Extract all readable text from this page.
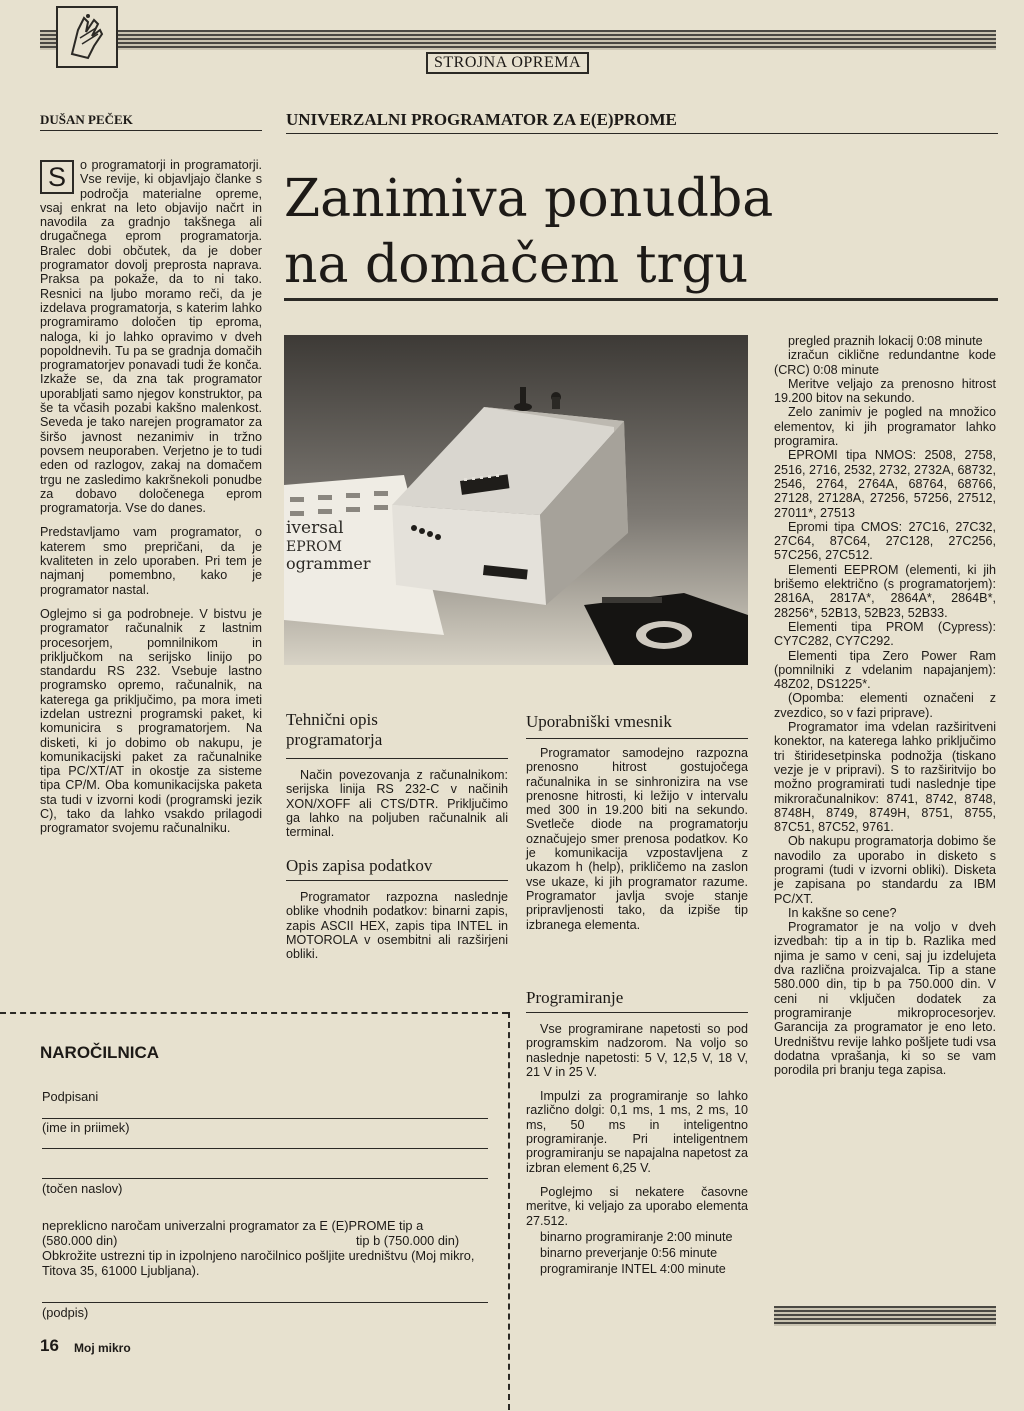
STROJNA OPREMA
DUŠAN PEČEK	UNIVERZALNI PROGRAMATOR ZA E(E)PROME
Zanimiva ponudba
na domačem trgu

S	o programatorji in programatorji. Vse revije, ki objavljajo članke s področja materialne opreme, vsaj enkrat na leto objavijo načrt in navodila za gradnjo takšnega ali drugačnega eprom programatorja. Bralec dobi občutek, da je dober programator dovolj preprosta naprava. Praksa pa pokaže, da to ni tako. Resnici na ljubo moramo reči, da je izdelava programatorja, s katerim lahko programiramo določen tip eproma, naloga, ki jo lahko opravimo v dveh popoldnevih. Tu pa se gradnja domačih programatorjev ponavadi tudi že konča. Izkaže se, da zna tak programator uporabljati samo njegov konstruktor, pa še ta včasih pozabi kakšno malenkost. Seveda je tako narejen programator za širšo javnost nezanimiv in tržno povsem neuporaben. Verjetno je to tudi eden od razlogov, zakaj na domačem trgu ne zasledimo kakršnekoli ponudbe za dobavo določenega eprom programatorja. Vse do danes.

Predstavljamo vam programator, o katerem smo prepričani, da je kvaliteten in zelo uporaben. Pri tem je najmanj pomembno, kako je programator nastal.

Oglejmo si ga podrobneje. V bistvu je programator računalnik z lastnim procesorjem, pomnilnikom in priključkom na serijsko linijo po standardu RS 232. Vsebuje lastno programsko opremo, računalnik, na katerega ga priključimo, pa mora imeti izdelan ustrezni programski paket, ki komunicira s programatorjem. Na disketi, ki jo dobimo ob nakupu, je komunikacijski paket za računalnike tipa PC/XT/AT in okostje za sisteme tipa CP/M. Oba komunikacijska paketa sta tudi v izvorni kodi (programski jezik C), tako da lahko vsakdo prilagodi programator svojemu računalniku.

iversal
EPROM
ogrammer
Tehnični opis programatorja
Način povezovanja z računalnikom: serijska linija RS 232-C v načinih XON/XOFF ali CTS/DTR. Priključimo ga lahko na poljuben računalnik ali terminal.
Opis zapisa podatkov
Programator razpozna naslednje oblike vhodnih podatkov: binarni zapis, zapis ASCII HEX, zapis tipa INTEL in MOTOROLA v osembitni ali razširjeni obliki.
Uporabniški vmesnik
Programator samodejno razpozna prenosno hitrost gostujočega računalnika in se sinhronizira na vse prenosne hitrosti, ki ležijo v intervalu med 300 in 19.200 biti na sekundo. Svetleče diode na programatorju označujejo smer prenosa podatkov. Ko je komunikacija vzpostavljena z ukazom h (help), prikličemo na zaslon vse ukaze, ki jih programator razume. Programator javlja svoje stanje pripravljenosti tako, da izpiše tip izbranega elementa.
Programiranje

Vse programirane napetosti so pod programskim nadzorom. Na voljo so naslednje napetosti: 5 V, 12,5 V, 18 V, 21 V in 25 V.

Impulzi za programiranje so lahko različno dolgi: 0,1 ms, 1 ms, 2 ms, 10 ms, 50 ms in inteligentno programiranje. Pri inteligentnem programiranju se napajalna napetost za izbran element 6,25 V.

Poglejmo si nekatere časovne meritve, ki veljajo za uporabo elementa 27.512.

binarno programiranje 2:00 minute
binarno preverjanje 0:56 minute
programiranje INTEL 4:00 minute

pregled praznih lokacij 0:08 minute

izračun ciklične redundantne kode (CRC) 0:08 minute

Meritve veljajo za prenosno hitrost 19.200 bitov na sekundo.

Zelo zanimiv je pogled na množico elementov, ki jih programator lahko programira.

EPROMI tipa NMOS: 2508, 2758, 2516, 2716, 2532, 2732, 2732A, 68732, 2546, 2764, 2764A, 68764, 68766, 27128, 27128A, 27256, 57256, 27512, 27011*, 27513

Epromi tipa CMOS: 27C16, 27C32, 27C64, 87C64, 27C128, 27C256, 57C256, 27C512.

Elementi EEPROM (elementi, ki jih brišemo električno (s programatorjem): 2816A, 2817A*, 2864A*, 2864B*, 28256*, 52B13, 52B23, 52B33.

Elementi tipa PROM (Cypress): CY7C282, CY7C292.

Elementi tipa Zero Power Ram (pomnilniki z vdelanim napajanjem): 48Z02, DS1225*.

(Opomba: elementi označeni z zvezdico, so v fazi priprave).

Programator ima vdelan razširitveni konektor, na katerega lahko priključimo tri štiridesetpinska podnožja (tiskano vezje je v pripravi). S to razširitvijo bo možno programirati tudi naslednje tipe mikroračunalnikov: 8741, 8742, 8748, 8748H, 8749, 8749H, 8751, 8755, 87C51, 87C52, 9761.

Ob nakupu programatorja dobimo še navodilo za uporabo in disketo s programi (tudi v izvorni obliki). Disketa je zapisana po standardu za IBM PC/XT.

In kakšne so cene?

Programator je na voljo v dveh izvedbah: tip a in tip b. Razlika med njima je samo v ceni, saj ju izdelujeta dva različna proizvajalca. Tip a stane 580.000 din, tip b pa 750.000 din. V ceni ni vključen dodatek za programiranje mikroprocesorjev. Garancija za programator je eno leto. Uredništvu revije lahko pošljete tudi vsa dodatna vprašanja, ki so se vam porodila pri branju tega zapisa.

NAROČILNICA
Podpisani
(ime in priimek)
(točen naslov)
nepreklicno naročam univerzalni programator za E (E)PROME tip a
(580.000 din)	tip b (750.000 din)
Obkrožite ustrezni tip in izpolnjeno naročilnico pošljite uredništvu (Moj mikro, Titova 35, 61000 Ljubljana).
(podpis)
16 Moj mikro
